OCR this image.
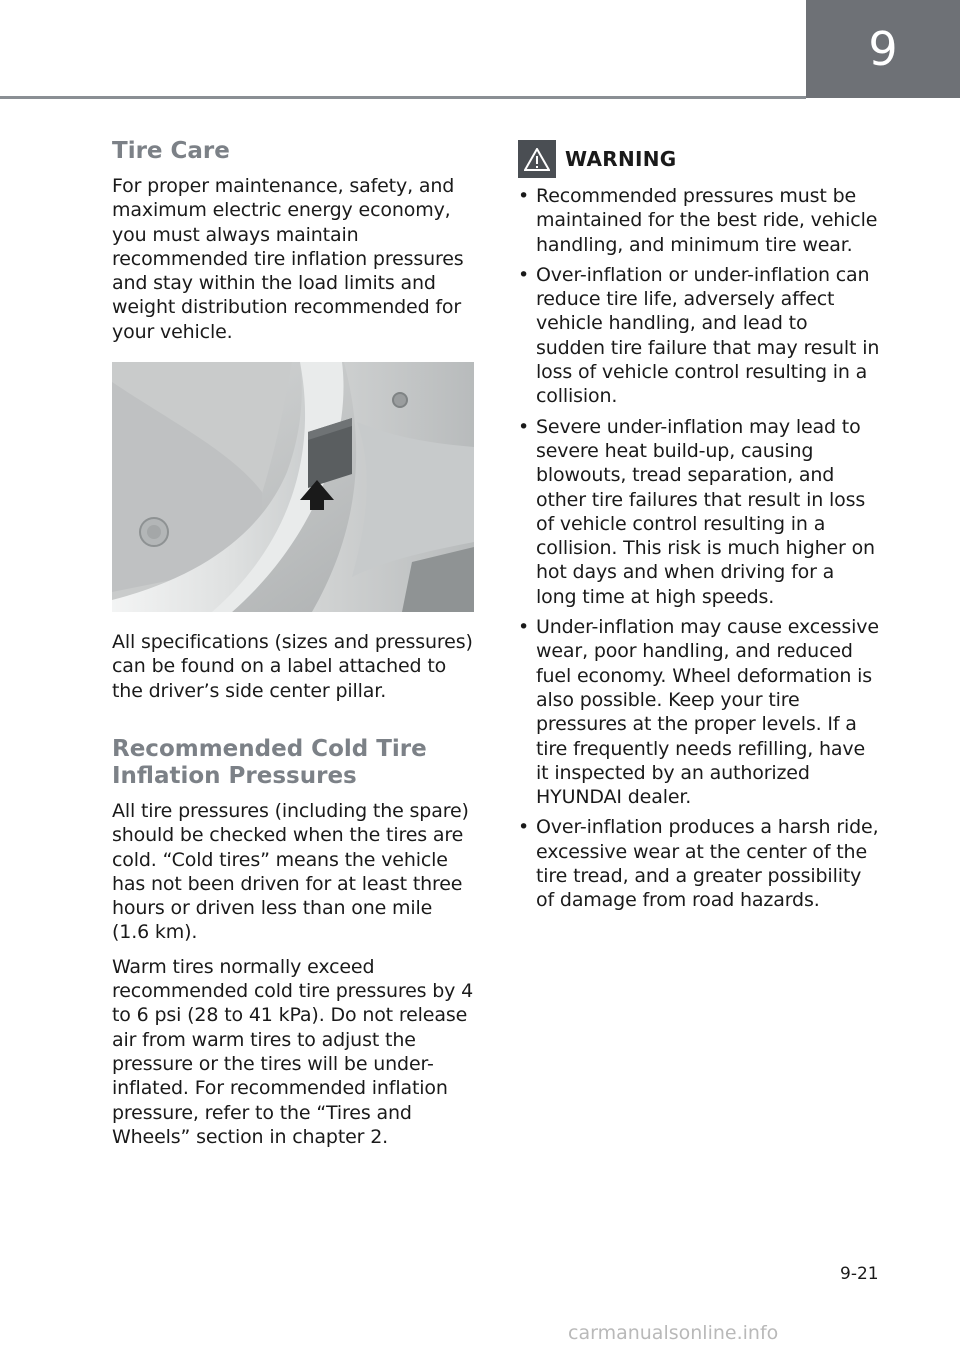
9
Tire Care

For proper maintenance, safety, and maximum electric energy economy, you must always maintain recommended tire inflation pressures and stay within the load limits and weight distribution recommended for your vehicle.

All specifications (sizes and pressures) can be found on a label attached to the driver’s side center pillar.

Recommended Cold Tire
Inflation Pressures

All tire pressures (including the spare) should be checked when the tires are cold. “Cold tires” means the vehicle has not been driven for at least three hours or driven less than one mile (1.6 km).

Warm tires normally exceed recommended cold tire pressures by 4 to 6 psi (28 to 41 kPa). Do not release air from warm tires to adjust the pressure or the tires will be under-inflated. For recommended inflation pressure, refer to the “Tires and Wheels” section in chapter 2.

WARNING
• Recommended pressures must be maintained for the best ride, vehicle handling, and minimum tire wear.
• Over-inflation or under-inflation can reduce tire life, adversely affect vehicle handling, and lead to sudden tire failure that may result in loss of vehicle control resulting in a collision.
• Severe under-inflation may lead to severe heat build-up, causing blowouts, tread separation, and other tire failures that result in loss of vehicle control resulting in a collision. This risk is much higher on hot days and when driving for a long time at high speeds.
• Under-inflation may cause excessive wear, poor handling, and reduced fuel economy. Wheel deformation is also possible. Keep your tire pressures at the proper levels. If a tire frequently needs refilling, have it inspected by an authorized HYUNDAI dealer.
• Over-inflation produces a harsh ride, excessive wear at the center of the tire tread, and a greater possibility of damage from road hazards.
9-21
carmanualsonline.info
